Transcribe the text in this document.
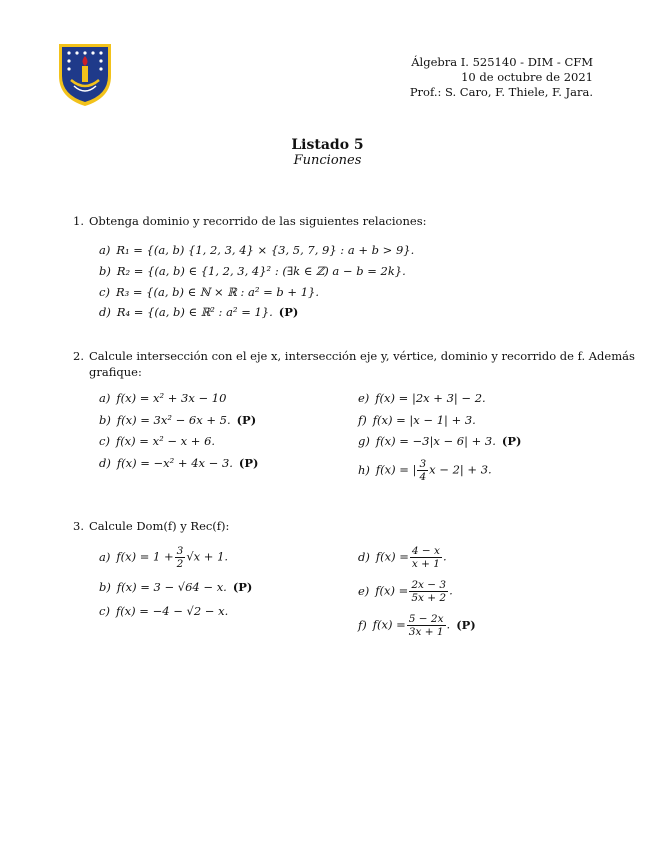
Álgebra I. 525140 - DIM - CFM
10 de octubre de 2021
Prof.: S. Caro, F. Thiele, F. Jara.
Listado 5
Funciones
1. Obtenga dominio y recorrido de las siguientes relaciones:
a) R₁ = {(a, b) {1, 2, 3, 4} × {3, 5, 7, 9} : a + b > 9}.
b) R₂ = {(a, b) ∈ {1, 2, 3, 4}² : (∃k ∈ ℤ) a − b = 2k}.
c) R₃ = {(a, b) ∈ ℕ × ℝ : a² = b + 1}.
d) R₄ = {(a, b) ∈ ℝ² : a² = 1}. (P)
2. Calcule intersección con el eje x, intersección eje y, vértice, dominio y recorrido de f. Además
grafique:
a) f(x) = x² + 3x − 10
b) f(x) = 3x² − 6x + 5. (P)
c) f(x) = x² − x + 6.
d) f(x) = −x² + 4x − 3. (P)
e) f(x) = |2x + 3| − 2.
f) f(x) = |x − 1| + 3.
g) f(x) = −3|x − 6| + 3. (P)
h) f(x) = | $\frac{3}{4}$ x − 2| + 3.
3. Calcule Dom(f) y Rec(f):
a) $f(x) = 1 + \frac{3}{2} √x + 1$.
b) f(x) = 3 − √64 − x. (P)
c) f(x) = −4 − √2 − x.
d) $f(x) = \frac{4 - x}{x + 1}$ .
e) $f(x) = \frac{2x - 3}{5x + 2}$ .
f) $f(x) = \frac{5 - 2x}{3x + 1}$ . (P)
